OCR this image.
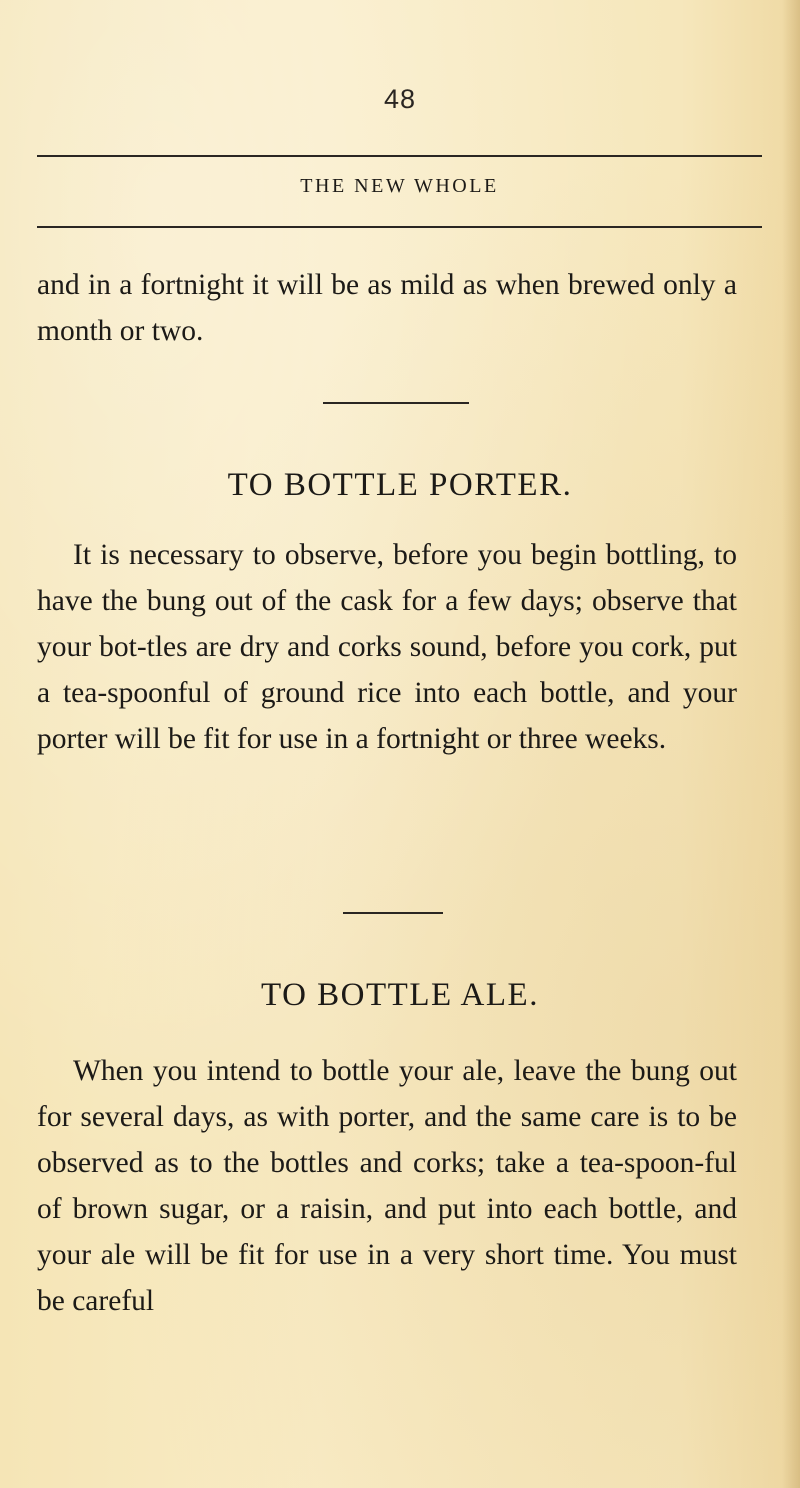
48
THE NEW WHOLE
and in a fortnight it will be as mild as when brewed only a month or two.
TO BOTTLE PORTER.
It is necessary to observe, before you begin bottling, to have the bung out of the cask for a few days; observe that your bot-tles are dry and corks sound, before you cork, put a tea-spoonful of ground rice into each bottle, and your porter will be fit for use in a fortnight or three weeks.
TO BOTTLE ALE.
When you intend to bottle your ale, leave the bung out for several days, as with porter, and the same care is to be observed as to the bottles and corks; take a tea-spoon-ful of brown sugar, or a raisin, and put into each bottle, and your ale will be fit for use in a very short time. You must be careful
